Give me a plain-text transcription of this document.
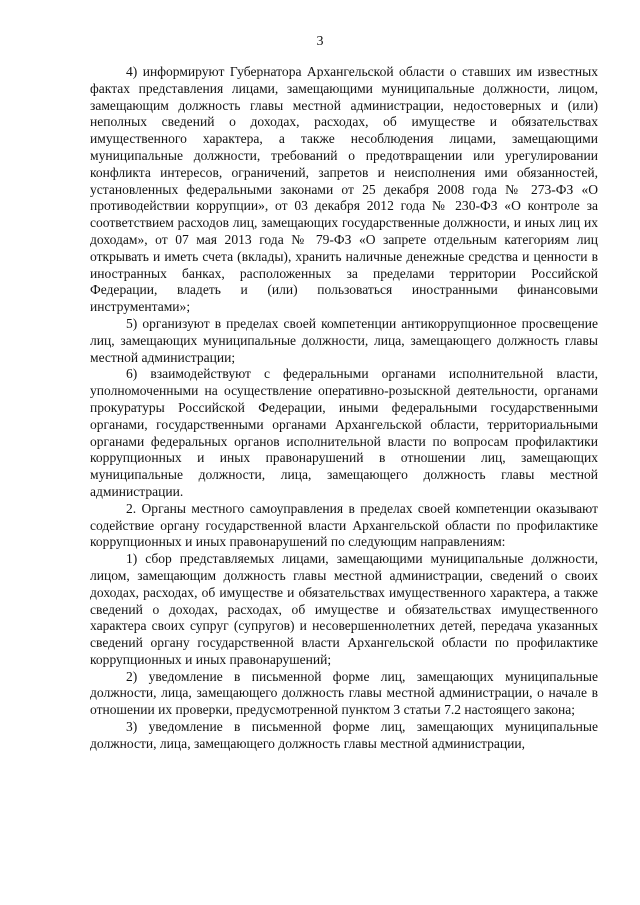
3

4) информируют Губернатора Архангельской области о ставших им известных фактах представления лицами, замещающими муниципальные должности, лицом, замещающим должность главы местной администрации, недостоверных и (или) неполных сведений о доходах, расходах, об имуществе и обязательствах имущественного характера, а также несоблюдения лицами, замещающими муниципальные должности, требований о предотвращении или урегулировании конфликта интересов, ограничений, запретов и неисполнения ими обязанностей, установленных федеральными законами от 25 декабря 2008 года № 273-ФЗ «О противодействии коррупции», от 03 декабря 2012 года № 230-ФЗ «О контроле за соответствием расходов лиц, замещающих государственные должности, и иных лиц их доходам», от 07 мая 2013 года № 79-ФЗ «О запрете отдельным категориям лиц открывать и иметь счета (вклады), хранить наличные денежные средства и ценности в иностранных банках, расположенных за пределами территории Российской Федерации, владеть и (или) пользоваться иностранными финансовыми инструментами»;

5) организуют в пределах своей компетенции антикоррупционное просвещение лиц, замещающих муниципальные должности, лица, замещающего должность главы местной администрации;

6) взаимодействуют с федеральными органами исполнительной власти, уполномоченными на осуществление оперативно-розыскной деятельности, органами прокуратуры Российской Федерации, иными федеральными государственными органами, государственными органами Архангельской области, территориальными органами федеральных органов исполнительной власти по вопросам профилактики коррупционных и иных правонарушений в отношении лиц, замещающих муниципальные должности, лица, замещающего должность главы местной администрации.

2. Органы местного самоуправления в пределах своей компетенции оказывают содействие органу государственной власти Архангельской области по профилактике коррупционных и иных правонарушений по следующим направлениям:

1) сбор представляемых лицами, замещающими муниципальные должности, лицом, замещающим должность главы местной администрации, сведений о своих доходах, расходах, об имуществе и обязательствах имущественного характера, а также сведений о доходах, расходах, об имуществе и обязательствах имущественного характера своих супруг (супругов) и несовершеннолетних детей, передача указанных сведений органу государственной власти Архангельской области по профилактике коррупционных и иных правонарушений;

2) уведомление в письменной форме лиц, замещающих муниципальные должности, лица, замещающего должность главы местной администрации, о начале в отношении их проверки, предусмотренной пунктом 3 статьи 7.2 настоящего закона;

3) уведомление в письменной форме лиц, замещающих муниципальные должности, лица, замещающего должность главы местной администрации,
